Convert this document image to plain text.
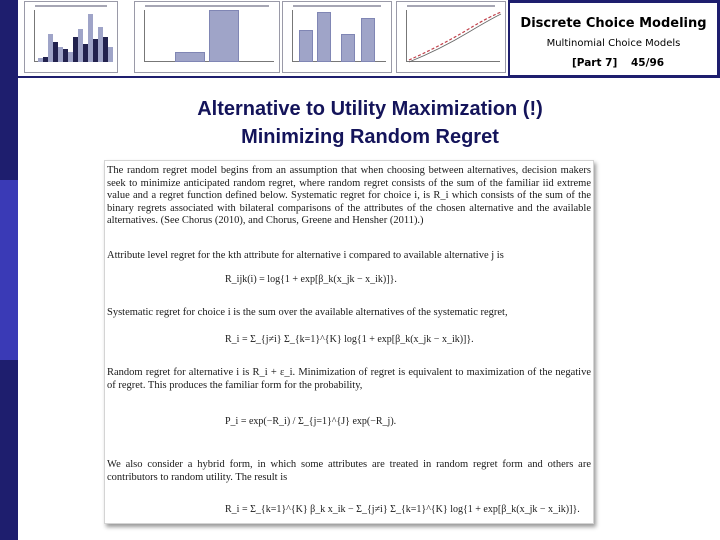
Discrete Choice Modeling
Multinomial Choice Models
[Part 7] 45/96
Alternative to Utility Maximization (!)
Minimizing Random Regret
The random regret model begins from an assumption that when choosing between alternatives, decision makers seek to minimize anticipated random regret, where random regret consists of the sum of the familiar iid extreme value and a regret function defined below. Systematic regret for choice i, is R_i which consists of the sum of the binary regrets associated with bilateral comparisons of the attributes of the chosen alternative and the available alternatives. (See Chorus (2010), and Chorus, Greene and Hensher (2011).)
Attribute level regret for the kth attribute for alternative i compared to available alternative j is
R_ijk(i) = log{1 + exp[β_k(x_jk − x_ik)]}.
Systematic regret for choice i is the sum over the available alternatives of the systematic regret,
R_i = Σ_{j≠i} Σ_{k=1}^{K} log{1 + exp[β_k(x_jk − x_ik)]}.
Random regret for alternative i is R_i + ε_i. Minimization of regret is equivalent to maximization of the negative of regret. This produces the familiar form for the probability,
P_i = exp(−R_i) / Σ_{j=1}^{J} exp(−R_j).
We also consider a hybrid form, in which some attributes are treated in random regret form and others are contributors to random utility. The result is
R_i = Σ_{k=1}^{K} β_k x_ik − Σ_{j≠i} Σ_{k=1}^{K} log{1 + exp[β_k(x_jk − x_ik)]}.
